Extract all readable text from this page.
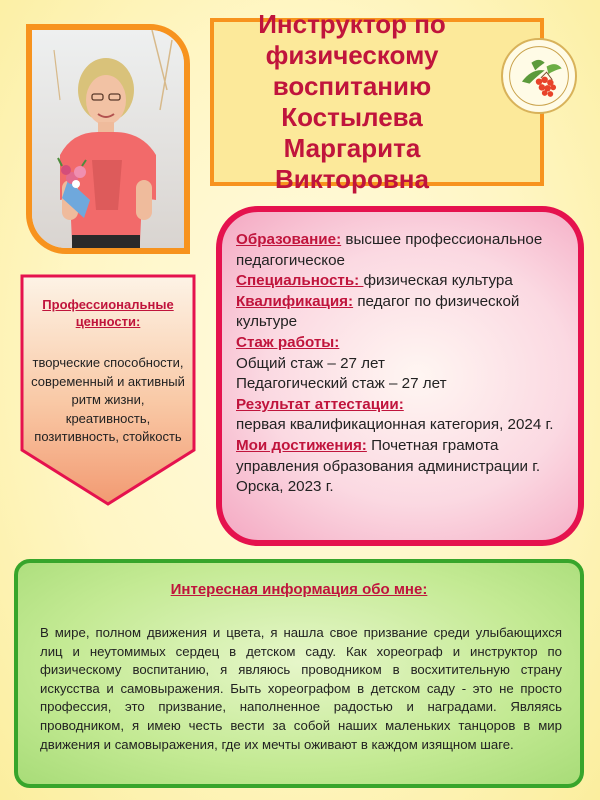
Инструктор по
физическому
воспитанию
Костылева Маргарита
Викторовна

Образование: высшее профессиональное педагогическое

Специальность: физическая культура

Квалификация: педагог по физической культуре

Стаж работы:

Общий стаж – 27 лет

Педагогический стаж – 27 лет

Результат аттестации:

первая квалификационная категория, 2024 г.

Мои достижения: Почетная грамота управления образования администрации г. Орска, 2023 г.

Профессиональные ценности:
творческие способности, современный и активный ритм жизни, креативность, позитивность, стойкость
Интересная информация обо мне:
В мире, полном движения и цвета, я нашла свое призвание среди улыбающихся лиц и неутомимых сердец в детском саду. Как хореограф и инструктор по физическому воспитанию, я являюсь проводником в восхитительную страну искусства и самовыражения. Быть хореографом в детском саду - это не просто профессия, это призвание, наполненное радостью и наградами. Являясь проводником, я имею честь вести за собой наших маленьких танцоров в мир движения и самовыражения, где их мечты оживают в каждом изящном шаге.
